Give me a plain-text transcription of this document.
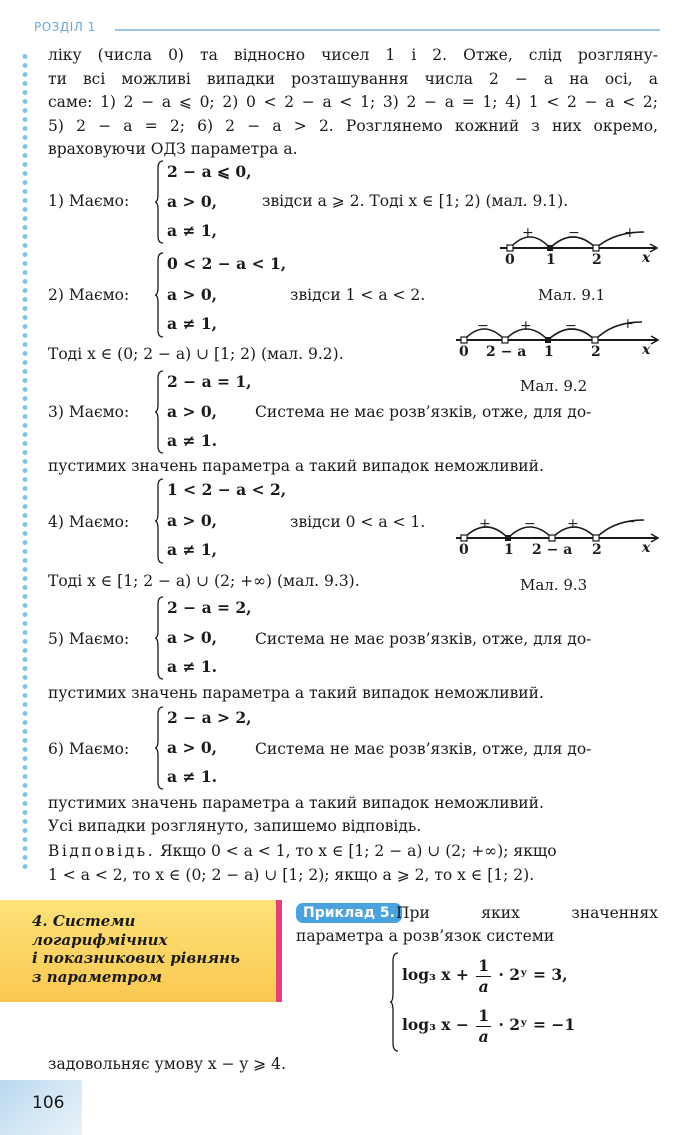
РОЗДІЛ 1
ліку (числа 0) та відносно чисел 1 і 2. Отже, слід розгляну-
ти всі можливі випадки розташування числа 2 − a на осі, а
саме: 1) 2 − a ⩽ 0; 2) 0 < 2 − a < 1; 3) 2 − a = 1; 4) 1 < 2 − a < 2;
5) 2 − a = 2; 6) 2 − a > 2. Розглянемо кожний з них окремо,
враховуючи ОДЗ параметра a.
1) Маємо:
2 − a ⩽ 0,
a > 0,
a ≠ 1,
звідси a ⩾ 2. Тоді x ∈ [1; 2) (мал. 9.1).
+ −	+
0 1	2	x
Мал. 9.1
2) Маємо:
0 < 2 − a < 1,
a > 0,
a ≠ 1,
звідси 1 < a < 2.
Тоді x ∈ (0; 2 − a) ∪ [1; 2) (мал. 9.2).
− + −	+
0 2 − a 1	2	x
Мал. 9.2
3) Маємо:
2 − a = 1,
a > 0,
a ≠ 1.
Система не має розв’язків, отже, для до-
пустимих значень параметра a такий випадок неможливий.
4) Маємо:
1 < 2 − a < 2,
a > 0,
a ≠ 1,
звідси 0 < a < 1.
Тоді x ∈ [1; 2 − a) ∪ (2; +∞) (мал. 9.3).
+ − +	−
0	1 2 − a 2	x
Мал. 9.3
5) Маємо:
2 − a = 2,
a > 0,
a ≠ 1.
Система не має розв’язків, отже, для до-
пустимих значень параметра a такий випадок неможливий.
6) Маємо:
2 − a > 2,
a > 0,
a ≠ 1.
Система не має розв’язків, отже, для до-
пустимих значень параметра a такий випадок неможливий.
Усі випадки розглянуто, запишемо відповідь.
Відповідь. Якщо 0 < a < 1, то x ∈ [1; 2 − a) ∪ (2; +∞); якщо
1 < a < 2, то x ∈ (0; 2 − a) ∪ [1; 2); якщо a ⩾ 2, то x ∈ [1; 2).
4. Системи
логарифмічних
і показникових рівнянь
з параметром
Приклад 5. При яких значеннях
параметра a розв’язок системи
log₃ $x + \frac{1}{a}$ · 2ʸ = 3,
log₃ $x - \frac{1}{a}$ · 2ʸ = −1
задовольняє умову x − y ⩾ 4.
106
